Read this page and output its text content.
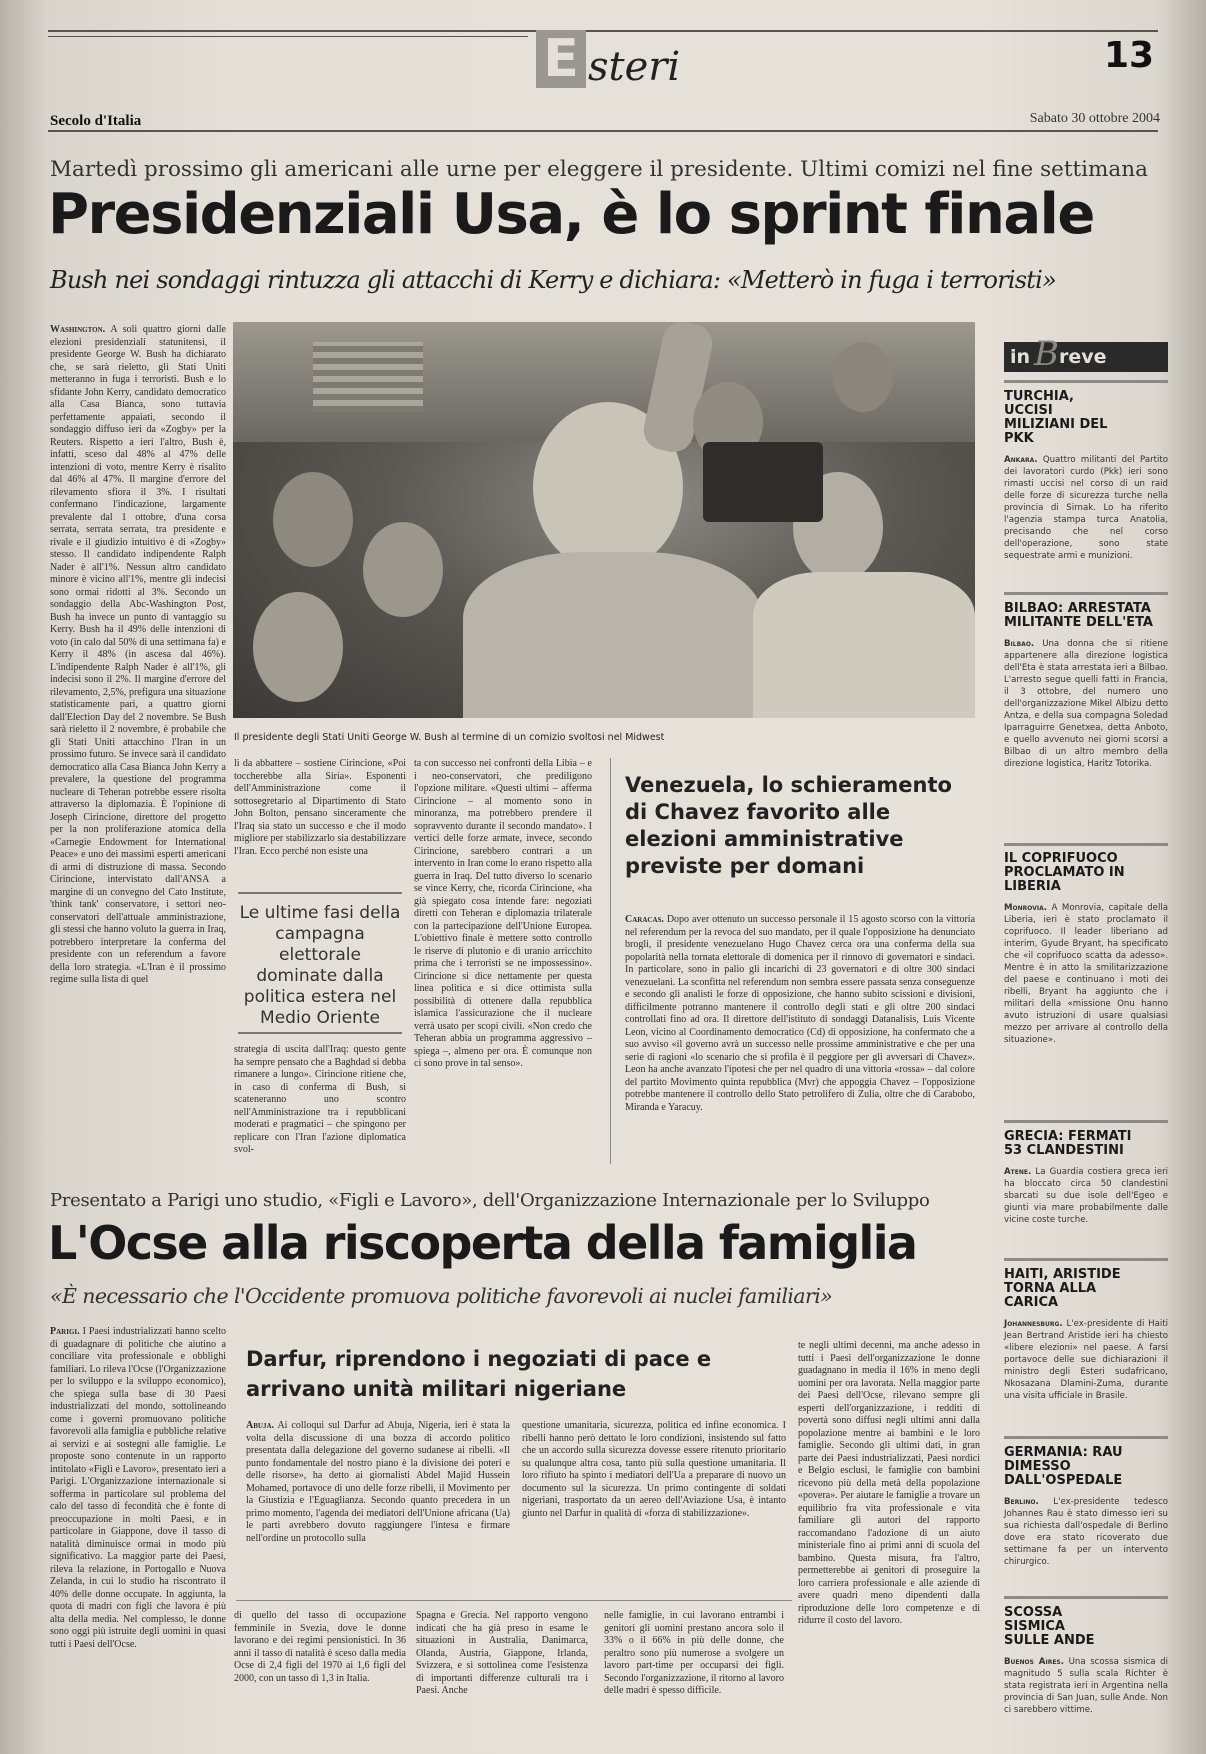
E steri	13
Secolo d'Italia	Sabato 30 ottobre 2004
Martedì prossimo gli americani alle urne per eleggere il presidente. Ultimi comizi nel fine settimana
Presidenziali Usa, è lo sprint finale
Bush nei sondaggi rintuzza gli attacchi di Kerry e dichiara: «Metterò in fuga i terroristi»
Washington. A soli quattro giorni dalle elezioni presidenziali statunitensi, il presidente George W. Bush ha dichiarato che, se sarà rieletto, gli Stati Uniti metteranno in fuga i terroristi. Bush e lo sfidante John Kerry, candidato democratico alla Casa Bianca, sono tuttavia perfettamente appaiati, secondo il sondaggio diffuso ieri da «Zogby» per la Reuters. Rispetto a ieri l'altro, Bush è, infatti, sceso dal 48% al 47% delle intenzioni di voto, mentre Kerry è risalito dal 46% al 47%. Il margine d'errore del rilevamento sfiora il 3%. I risultati confermano l'indicazione, largamente prevalente dal 1 ottobre, d'una corsa serrata, serrata serrata, tra presidente e rivale e il giudizio intuitivo è di «Zogby» stesso. Il candidato indipendente Ralph Nader è all'1%. Nessun altro candidato minore è vicino all'1%, mentre gli indecisi sono ormai ridotti al 3%. Secondo un sondaggio della Abc-Washington Post, Bush ha invece un punto di vantaggio su Kerry. Bush ha il 49% delle intenzioni di voto (in calo dal 50% di una settimana fa) e Kerry il 48% (in ascesa dal 46%). L'indipendente Ralph Nader è all'1%, gli indecisi sono il 2%. Il margine d'errore del rilevamento, 2,5%, prefigura una situazione statisticamente pari, a quattro giorni dall'Election Day del 2 novembre. Se Bush sarà rieletto il 2 novembre, è probabile che gli Stati Uniti attacchino l'Iran in un prossimo futuro. Se invece sarà il candidato democratico alla Casa Bianca John Kerry a prevalere, la questione del programma nucleare di Teheran potrebbe essere risolta attraverso la diplomazia. È l'opinione di Joseph Cirincione, direttore del progetto per la non proliferazione atomica della «Carnegie Endowment for International Peace» e uno dei massimi esperti americani di armi di distruzione di massa. Secondo Cirincione, intervistato dall'ANSA a margine di un convegno del Cato Institute, 'think tank' conservatore, i settori neo-conservatori dell'attuale amministrazione, gli stessi che hanno voluto la guerra in Iraq, potrebbero interpretare la conferma del presidente con un referendum a favore della loro strategia. «L'Iran è il prossimo regime sulla lista di quel
Il presidente degli Stati Uniti George W. Bush al termine di un comizio svoltosi nel Midwest
li da abbattere – sostiene Cirincione, «Poi toccherebbe alla Siria». Esponenti dell'Amministrazione come il sottosegretario al Dipartimento di Stato John Bolton, pensano sinceramente che l'Iraq sia stato un successo e che il modo migliore per stabilizzarlo sia destabilizzare l'Iran. Ecco perché non esiste una
Le ultime fasi della campagna elettorale dominate dalla politica estera nel Medio Oriente
strategia di uscita dall'Iraq: questo gente ha sempre pensato che a Baghdad si debba rimanere a lungo». Cirincione ritiene che, in caso di conferma di Bush, si scateneranno uno scontro nell'Amministrazione tra i repubblicani moderati e pragmatici – che spingono per replicare con l'Iran l'azione diplomatica svol-
ta con successo nei confronti della Libia – e i neo-conservatori, che prediligono l'opzione militare. «Questi ultimi – afferma Cirincione – al momento sono in minoranza, ma potrebbero prendere il sopravvento durante il secondo mandato». I vertici delle forze armate, invece, secondo Cirincione, sarebbero contrari a un intervento in Iran come lo erano rispetto alla guerra in Iraq. Del tutto diverso lo scenario se vince Kerry, che, ricorda Cirincione, «ha già spiegato cosa intende fare: negoziati diretti con Teheran e diplomazia trilaterale con la partecipazione dell'Unione Europea. L'obiettivo finale è mettere sotto controllo le riserve di plutonio e di uranio arricchito prima che i terroristi se ne impossessino». Cirincione si dice nettamente per questa linea politica e si dice ottimista sulla possibilità di ottenere dalla repubblica islamica l'assicurazione che il nucleare verrà usato per scopi civili. «Non credo che Teheran abbia un programma aggressivo – spiega –, almeno per ora. È comunque non ci sono prove in tal senso».
Venezuela, lo schieramento di Chavez favorito alle elezioni amministrative previste per domani
Caracas. Dopo aver ottenuto un successo personale il 15 agosto scorso con la vittoria nel referendum per la revoca del suo mandato, per il quale l'opposizione ha denunciato brogli, il presidente venezuelano Hugo Chavez cerca ora una conferma della sua popolarità nella tornata elettorale di domenica per il rinnovo di governatori e sindaci. In particolare, sono in palio gli incarichi di 23 governatori e di oltre 300 sindaci venezuelani. La sconfitta nel referendum non sembra essere passata senza conseguenze e secondo gli analisti le forze di opposizione, che hanno subito scissioni e divisioni, difficilmente potranno mantenere il controllo degli stati e gli oltre 200 sindaci controllati fino ad ora. Il direttore dell'istituto di sondaggi Datanalisis, Luis Vicente Leon, vicino al Coordinamento democratico (Cd) di opposizione, ha confermato che a suo avviso «il governo avrà un successo nelle prossime amministrative e che per una serie di ragioni «lo scenario che si profila è il peggiore per gli avversari di Chavez». Leon ha anche avanzato l'ipotesi che per nel quadro di una vittoria «rossa» – dal colore del partito Movimento quinta repubblica (Mvr) che appoggia Chavez – l'opposizione potrebbe mantenere il controllo dello Stato petrolifero di Zulia, oltre che di Carabobo, Miranda e Yaracuy.
in B reve
TURCHIA, UCCISI MILIZIANI DEL PKK
Ankara. Quattro militanti del Partito dei lavoratori curdo (Pkk) ieri sono rimasti uccisi nel corso di un raid delle forze di sicurezza turche nella provincia di Sirnak. Lo ha riferito l'agenzia stampa turca Anatolia, precisando che nel corso dell'operazione, sono state sequestrate armi e munizioni.
BILBAO: ARRESTATA MILITANTE DELL'ETA
Bilbao. Una donna che si ritiene appartenere alla direzione logistica dell'Eta è stata arrestata ieri a Bilbao. L'arresto segue quelli fatti in Francia, il 3 ottobre, del numero uno dell'organizzazione Mikel Albizu detto Antza, e della sua compagna Soledad Iparraguirre Genetxea, detta Anboto, e quello avvenuto nei giorni scorsi a Bilbao di un altro membro della direzione logistica, Haritz Totorika.
IL COPRIFUOCO PROCLAMATO IN LIBERIA
Monrovia. A Monrovia, capitale della Liberia, ieri è stato proclamato il coprifuoco. Il leader liberiano ad interim, Gyude Bryant, ha specificato che «il coprifuoco scatta da adesso». Mentre è in atto la smilitarizzazione del paese e continuano i moti dei ribelli, Bryant ha aggiunto che i militari della «missione Onu hanno avuto istruzioni di usare qualsiasi mezzo per arrivare al controllo della situazione».
GRECIA: FERMATI 53 CLANDESTINI
Atene. La Guardia costiera greca ieri ha bloccato circa 50 clandestini sbarcati su due isole dell'Egeo e giunti via mare probabilmente dalle vicine coste turche.
HAITI, ARISTIDE TORNA ALLA CARICA
Johannesburg. L'ex-presidente di Haiti Jean Bertrand Aristide ieri ha chiesto «libere elezioni» nel paese. A farsi portavoce delle sue dichiarazioni il ministro degli Esteri sudafricano, Nkosazana Dlamini-Zuma, durante una visita ufficiale in Brasile.
GERMANIA: RAU DIMESSO DALL'OSPEDALE
Berlino. L'ex-presidente tedesco Johannes Rau è stato dimesso ieri su sua richiesta dall'ospedale di Berlino dove era stato ricoverato due settimane fa per un intervento chirurgico.
SCOSSA SISMICA SULLE ANDE
Buenos Aires. Una scossa sismica di magnitudo 5 sulla scala Richter è stata registrata ieri in Argentina nella provincia di San Juan, sulle Ande. Non ci sarebbero vittime.
Presentato a Parigi uno studio, «Figli e Lavoro», dell'Organizzazione Internazionale per lo Sviluppo
L'Ocse alla riscoperta della famiglia
«È necessario che l'Occidente promuova politiche favorevoli ai nuclei familiari»
Parigi. I Paesi industrializzati hanno scelto di guadagnare di politiche che aiutino a conciliare vita professionale e obblighi familiari. Lo rileva l'Ocse (l'Organizzazione per lo sviluppo e la sviluppo economico), che spiega sulla base di 30 Paesi industrializzati del mondo, sottolineando come i governi promuovano politiche favorevoli alla famiglia e pubbliche relative ai servizi e ai sostegni alle famiglie. Le proposte sono contenute in un rapporto intitolato «Figli e Lavoro», presentato ieri a Parigi. L'Organizzazione internazionale si sofferma in particolare sul problema del calo del tasso di fecondità che è fonte di preoccupazione in molti Paesi, e in particolare in Giappone, dove il tasso di natalità diminuisce ormai in modo più significativo. La maggior parte dei Paesi, rileva la relazione, in Portogallo e Nuova Zelanda, in cui lo studio ha riscontrato il 40% delle donne occupate. In aggiunta, la quota di madri con figli che lavora è più alta della media. Nel complesso, le donne sono oggi più istruite degli uomini in quasi tutti i Paesi dell'Ocse.
Darfur, riprendono i negoziati di pace e arrivano unità militari nigeriane
Abuja. Ai colloqui sul Darfur ad Abuja, Nigeria, ieri è stata la volta della discussione di una bozza di accordo politico presentata dalla delegazione del governo sudanese ai ribelli. «Il punto fondamentale del nostro piano è la divisione dei poteri e delle risorse», ha detto ai giornalisti Abdel Majid Hussein Mohamed, portavoce di uno delle forze ribelli, il Movimento per la Giustizia e l'Eguaglianza. Secondo quanto precedera in un primo momento, l'agenda dei mediatori dell'Unione africana (Ua) le parti avrebbero dovuto raggiungere l'intesa e firmare nell'ordine un protocollo sulla
questione umanitaria, sicurezza, politica ed infine economica. I ribelli hanno però dettato le loro condizioni, insistendo sul fatto che un accordo sulla sicurezza dovesse essere ritenuto prioritario su qualunque altra cosa, tanto più sulla questione umanitaria. Il loro rifiuto ha spinto i mediatori dell'Ua a preparare di nuovo un documento sul la sicurezza. Un primo contingente di soldati nigeriani, trasportato da un aereo dell'Aviazione Usa, è intanto giunto nel Darfur in qualità di «forza di stabilizzazione».
di quello del tasso di occupazione femminile in Svezia, dove le donne lavorano e dei regimi pensionistici. In 36 anni il tasso di natalità è sceso dalla media Ocse di 2,4 figli del 1970 ai 1,6 figli del 2000, con un tasso di 1,3 in Italia.
Spagna e Grecia. Nel rapporto vengono indicati che ha già preso in esame le situazioni in Australia, Danimarca, Olanda, Austria, Giappone, Irlanda, Svizzera, e si sottolinea come l'esistenza di importanti differenze culturali tra i Paesi. Anche
nelle famiglie, in cui lavorano entrambi i genitori gli uomini prestano ancora solo il 33% o il 66% in più delle donne, che peraltro sono più numerose a svolgere un lavoro part-time per occuparsi dei figli. Secondo l'organizzazione, il ritorno al lavoro delle madri è spesso difficile.
te negli ultimi decenni, ma anche adesso in tutti i Paesi dell'organizzazione le donne guadagnano in media il 16% in meno degli uomini per ora lavorata. Nella maggior parte dei Paesi dell'Ocse, rilevano sempre gli esperti dell'organizzazione, i redditi di povertà sono diffusi negli ultimi anni dalla popolazione mentre ai bambini e le loro famiglie. Secondo gli ultimi dati, in gran parte dei Paesi industrializzati, Paesi nordici e Belgio esclusi, le famiglie con bambini ricevono più della metà della popolazione «povera». Per aiutare le famiglie a trovare un equilibrio fra vita professionale e vita familiare gli autori del rapporto raccomandano l'adozione di un aiuto ministeriale fino ai primi anni di scuola del bambino. Questa misura, fra l'altro, permetterebbe ai genitori di proseguire la loro carriera professionale e alle aziende di avere quadri meno dipendenti dalla riproduzione delle loro competenze e di ridurre il costo del lavoro.
